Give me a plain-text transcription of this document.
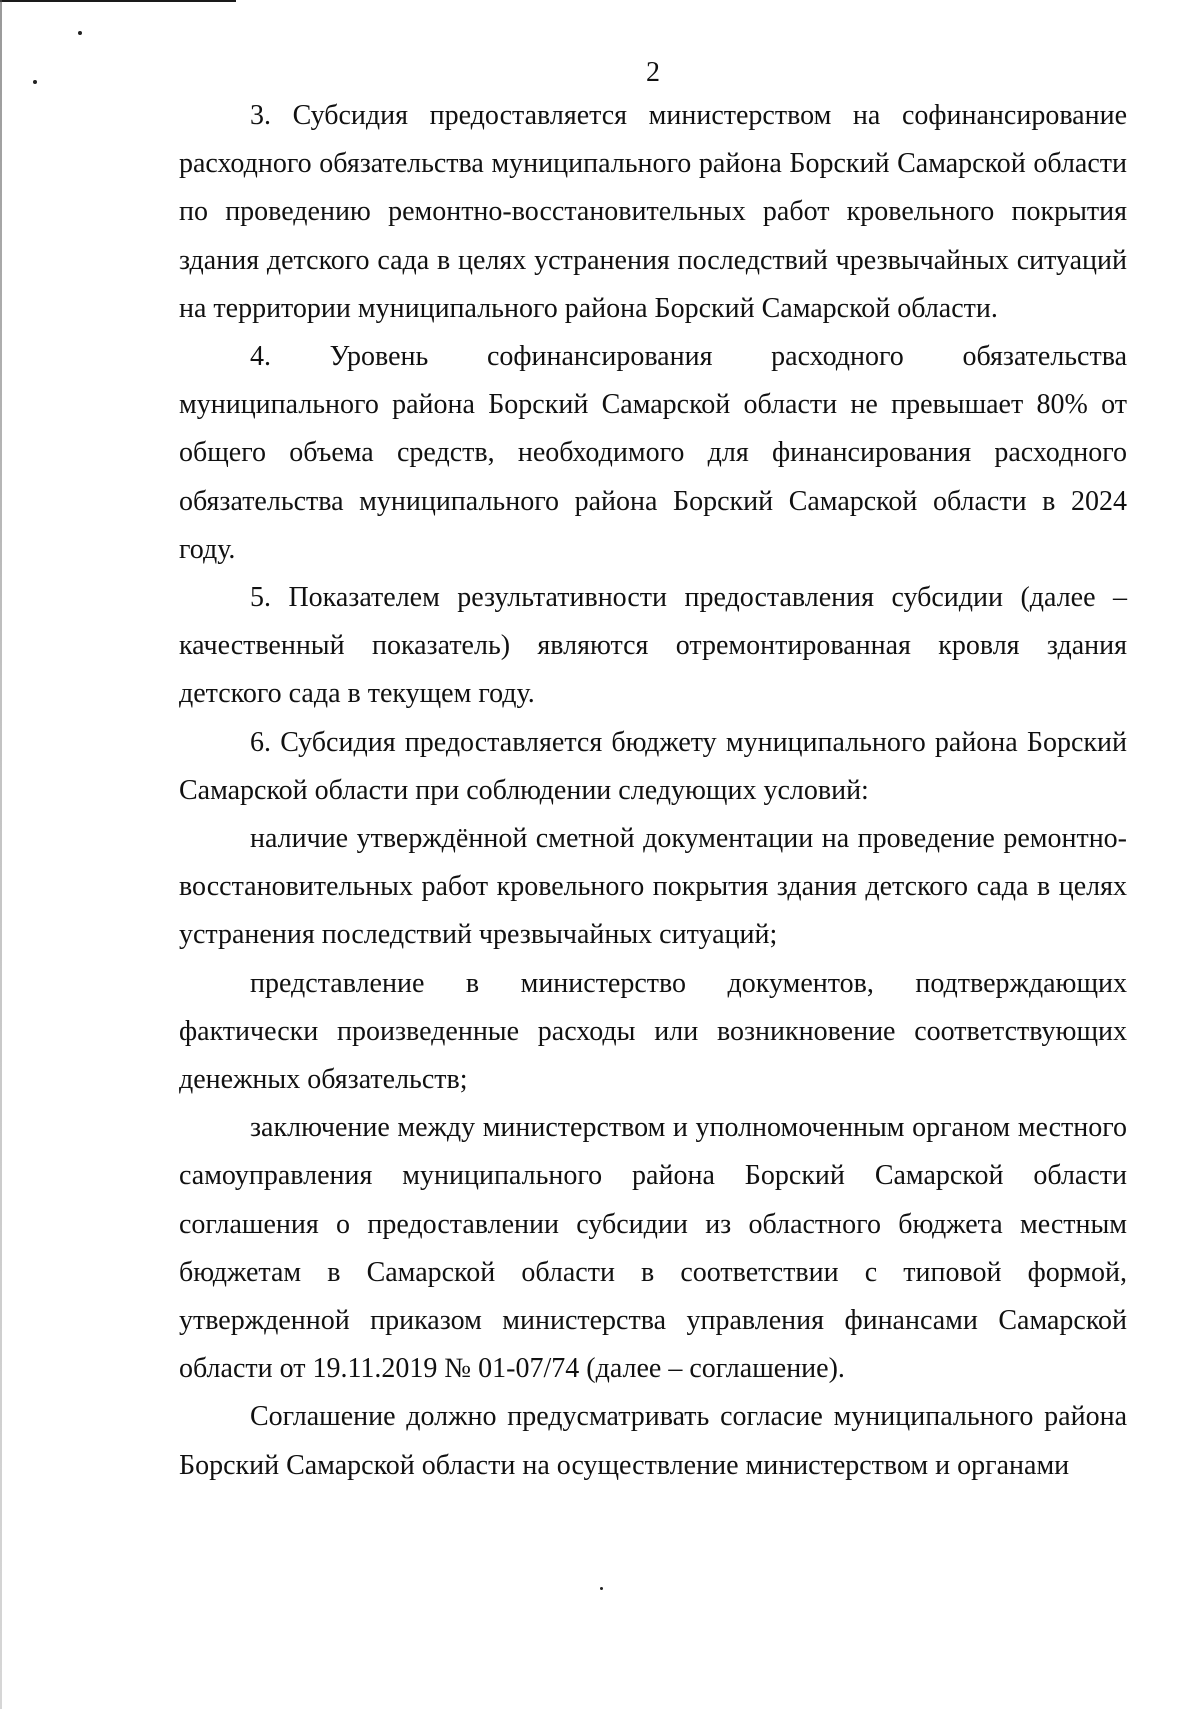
2

3. Субсидия предоставляется министерством на софинансирование расходного обязательства муниципального района Борский Самарской области по проведению ремонтно-восстановительных работ кровельного покрытия здания детского сада в целях устранения последствий чрезвычайных ситуаций на территории муниципального района Борский Самарской области.

4. Уровень софинансирования расходного обязательства муниципального района Борский Самарской области не превышает 80% от общего объема средств, необходимого для финансирования расходного обязательства муниципального района Борский Самарской области в 2024 году.

5. Показателем результативности предоставления субсидии (далее – качественный показатель) являются отремонтированная кровля здания детского сада в текущем году.

6. Субсидия предоставляется бюджету муниципального района Борский Самарской области при соблюдении следующих условий:

наличие утверждённой сметной документации на проведение ремонтно-восстановительных работ кровельного покрытия здания детского сада в целях устранения последствий чрезвычайных ситуаций;

представление в министерство документов, подтверждающих фактически произведенные расходы или возникновение соответствующих денежных обязательств;

заключение между министерством и уполномоченным органом местного самоуправления муниципального района Борский Самарской области соглашения о предоставлении субсидии из областного бюджета местным бюджетам в Самарской области в соответствии с типовой формой, утвержденной приказом министерства управления финансами Самарской области от 19.11.2019 № 01-07/74 (далее – соглашение).

Соглашение должно предусматривать согласие муниципального района Борский Самарской области на осуществление министерством и органами
